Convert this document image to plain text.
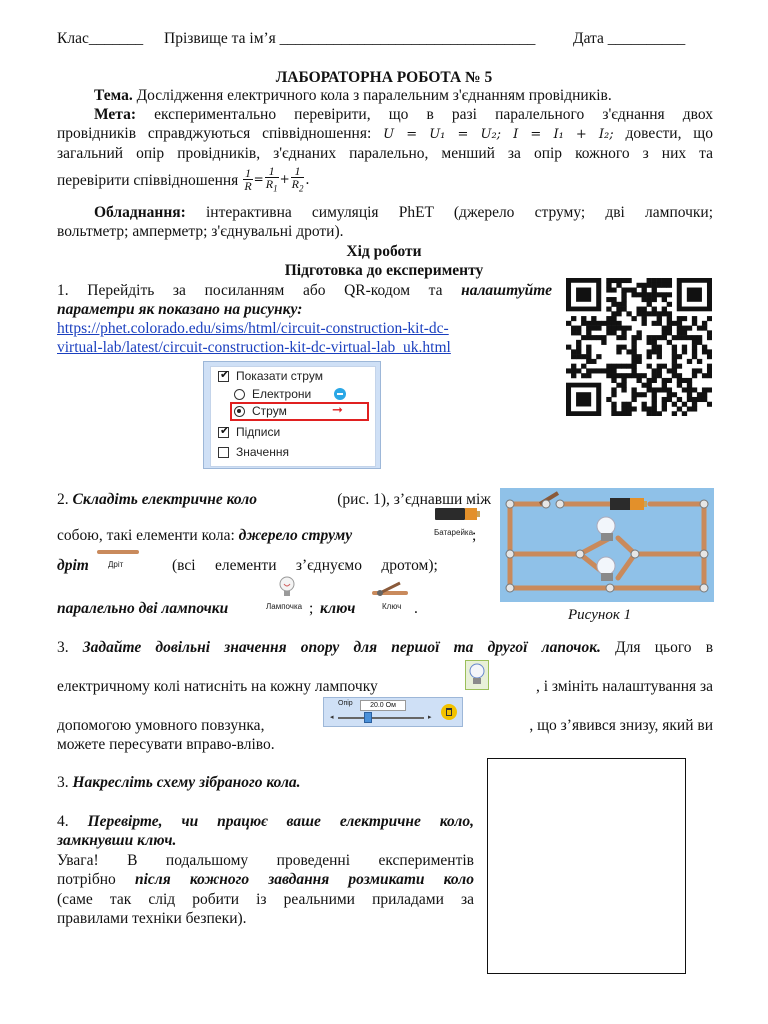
Клас_______ Прізвище та ім’я _________________________________ Дата __________
ЛАБОРАТОРНА РОБОТА № 5
Тема. Дослідження електричного кола з паралельним з'єднанням провідників.
Мета: експериментально перевірити, що в разі паралельного з'єднання двох
провідників справджуються співвідношення: U = U₁ = U₂; I = I₁ + I₂; довести, що
загальний опір провідників, з'єднаних паралельно, менший за опір кожного з них та
перевірити співвідношення $\frac{1}{R} = \frac{1}{R_1} + \frac{1}{R_2}$ .
Обладнання: інтерактивна симуляція PhET (джерело струму; дві лампочки;
вольтметр; амперметр; з'єднувальні дроти).
Хід роботи
Підготовка до експерименту
1. Перейдіть за посиланням або QR-кодом та налаштуйте
параметри як показано на рисунку:
https://phet.colorado.edu/sims/html/circuit-construction-kit-dc-
virtual-lab/latest/circuit-construction-kit-dc-virtual-lab_uk.html
✔ Показати струм
Електрони
Струм	➞
✔ Підписи
Значення
2. Складіть електричне коло	(рис. 1), з’єднавши між
собою, такі елементи кола: джерело струму	Батарейка
;
дріт Дріт	(всі     елементи     з’єднуємо     дротом);
паралельно дві лампочки	Лампочка ; ключ	Ключ .	Рисунок 1
3. Задайте довільні значення опору для першої та другої лапочок. Для цього в
електричному колі натисніть на кожну лампочку	, і змініть налаштування за
допомогою умовного повзунка,
Опір	20.0 Ом
◂	▸	, що з’явився знизу, який ви
можете пересувати вправо-вліво.
3. Накресліть схему зібраного кола.
4. Перевірте, чи працює ваше електричне коло,
замкнувши ключ.
Увага! В подальшому проведенні експериментів
потрібно після кожного завдання розмикати коло
(саме так слід робити із реальними приладами за
правилами техніки безпеки).
